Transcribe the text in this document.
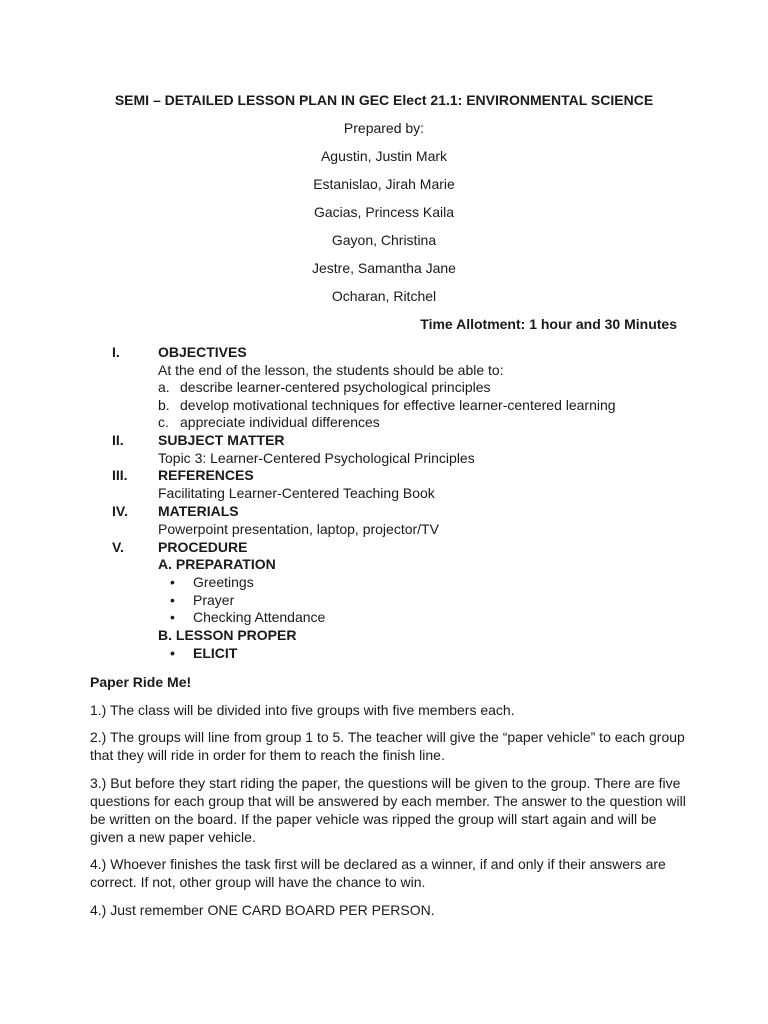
SEMI – DETAILED LESSON PLAN IN GEC Elect 21.1: ENVIRONMENTAL SCIENCE
Prepared by:
Agustin, Justin Mark
Estanislao, Jirah Marie
Gacias, Princess Kaila
Gayon, Christina
Jestre, Samantha Jane
Ocharan, Ritchel
Time Allotment: 1 hour and 30 Minutes
I.	OBJECTIVES
At the end of the lesson, the students should be able to:
a. describe learner-centered psychological principles
b. develop motivational techniques for effective learner-centered learning
c. appreciate individual differences
II. SUBJECT MATTER
Topic 3: Learner-Centered Psychological Principles
III. REFERENCES
Facilitating Learner-Centered Teaching Book
IV. MATERIALS
Powerpoint presentation, laptop, projector/TV
V. PROCEDURE
A. PREPARATION
• Greetings
• Prayer
• Checking Attendance
B. LESSON PROPER
• ELICIT
Paper Ride Me!
1.) The class will be divided into five groups with five members each.
2.) The groups will line from group 1 to 5. The teacher will give the “paper vehicle” to each group that they will ride in order for them to reach the finish line.
3.) But before they start riding the paper, the questions will be given to the group. There are five questions for each group that will be answered by each member. The answer to the question will be written on the board. If the paper vehicle was ripped the group will start again and will be given a new paper vehicle.
4.) Whoever finishes the task first will be declared as a winner, if and only if their answers are correct. If not, other group will have the chance to win.
4.) Just remember ONE CARD BOARD PER PERSON.
